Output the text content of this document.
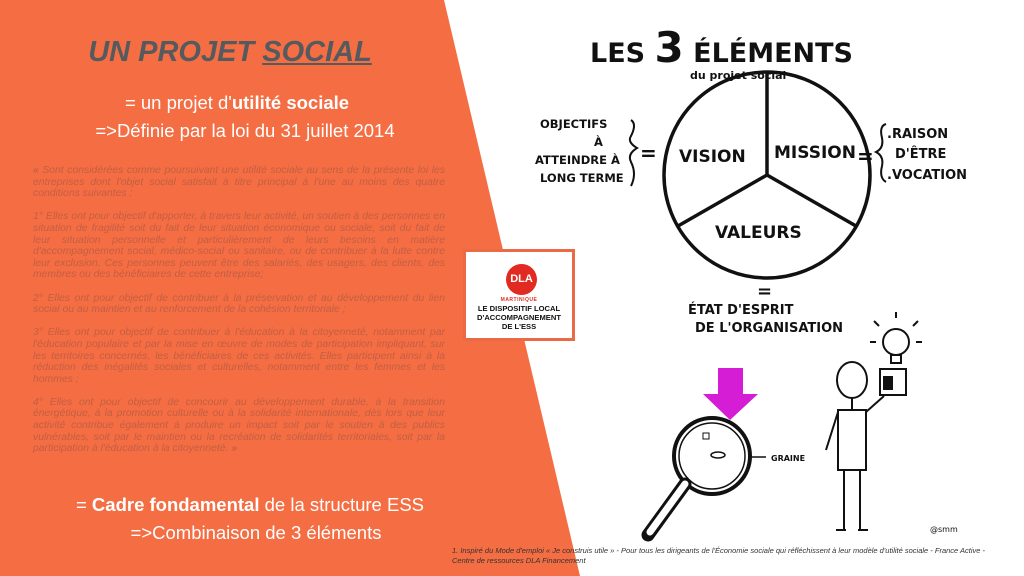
UN PROJET SOCIAL
= un projet d'utilité sociale
=>Définie par la loi du 31 juillet 2014

« Sont considérées comme poursuivant une utilité sociale au sens de la présente loi les entreprises dont l'objet social satisfait à titre principal à l'une au moins des quatre conditions suivantes :

1° Elles ont pour objectif d'apporter, à travers leur activité, un soutien à des personnes en situation de fragilité soit du fait de leur situation économique ou sociale, soit du fait de leur situation personnelle et particulièrement de leurs besoins en matière d'accompagnement social, médico-social ou sanitaire, ou de contribuer à la lutte contre leur exclusion. Ces personnes peuvent être des salariés, des usagers, des clients, des membres ou des bénéficiaires de cette entreprise;

2° Elles ont pour objectif de contribuer à la préservation et au développement du lien social ou au maintien et au renforcement de la cohésion territoriale ;

3° Elles ont pour objectif de contribuer à l'éducation à la citoyenneté, notamment par l'éducation populaire et par la mise en œuvre de modes de participation impliquant, sur les territoires concernés, les bénéficiaires de ces activités. Elles participent ainsi à la réduction des inégalités sociales et culturelles, notamment entre les femmes et les hommes ;

4° Elles ont pour objectif de concourir au développement durable, à la transition énergétique, à la promotion culturelle ou à la solidarité internationale, dès lors que leur activité contribue également à produire un impact soit par le soutien à des publics vulnérables, soit par le maintien ou la recréation de solidarités territoriales, soit par la participation à l'éducation à la citoyenneté. »

= Cadre fondamental de la structure ESS
=>Combinaison de 3 éléments
DLA
MARTINIQUE
LE DISPOSITIF LOCAL
D'ACCOMPAGNEMENT
DE L'ESS
LES 3 ÉLÉMENTS
du projet social
VISION MISSION
VALEURS
OBJECTIFS
À
ATTEINDRE À
LONG TERME
=	=
.RAISON
D'ÊTRE
.VOCATION
=
ÉTAT D'ESPRIT
DE L'ORGANISATION
GRAINE
@smm
1. Inspiré du Mode d'emploi « Je construis utile » - Pour tous les dirigeants de l'Économie sociale qui réfléchissent à leur modèle d'utilité sociale - France Active - Centre de ressources DLA Financement
